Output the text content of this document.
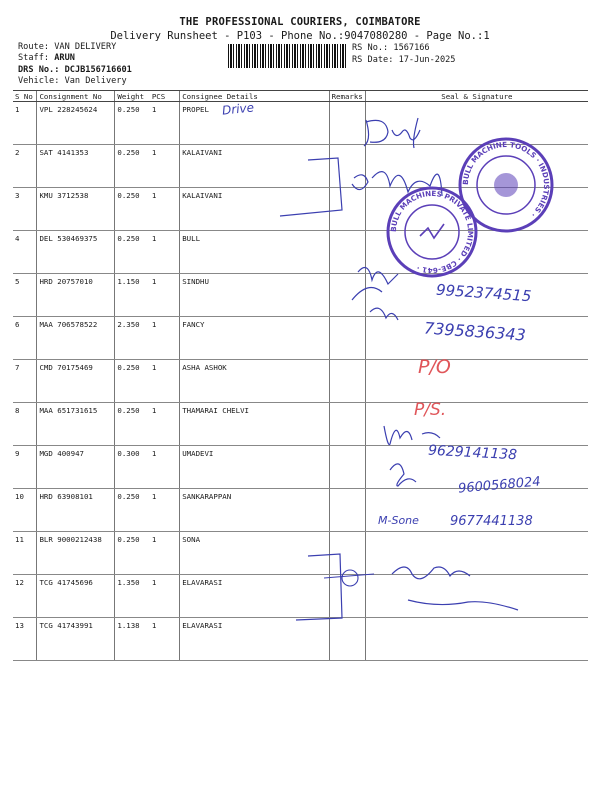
THE PROFESSIONAL COURIERS, COIMBATORE
Delivery Runsheet - P103 - Phone No.:9047080280 - Page No.:1
Route: VAN DELIVERY
Staff: ARUN
DRS No.: DCJB156716601
Vehicle: Van Delivery
RS No.: 1567166
RS Date: 17-Jun-2025
S No	Consignment No	Weight	PCS	Consignee Details	Remarks	Seal & Signature
1	VPL 228245624	0.250	1	PROPEL		
2	SAT 4141353	0.250	1	KALAIVANI		
3	KMU 3712538	0.250	1	KALAIVANI		
4	DEL 530469375	0.250	1	BULL		
5	HRD 20757010	1.150	1	SINDHU		
6	MAA 706578522	2.350	1	FANCY		
7	CMD 70175469	0.250	1	ASHA ASHOK		
8	MAA 651731615	0.250	1	THAMARAI CHELVI		
9	MGD 400947	0.300	1	UMADEVI		
10	HRD 63908101	0.250	1	SANKARAPPAN		
11	BLR 9000212438	0.250	1	SONA		
12	TCG 41745696	1.350	1	ELAVARASI		
13	TCG 41743991	1.138	1	ELAVARASI		
Drive
9952374515
7395836343
P/O
P/S.
9629141138
9600568024
M-Sone 9677441138
BULL MACHINES PRIVATE LIMITED · CBE-641 ·
BULL MACHINE TOOLS · INDUSTRIES ·
